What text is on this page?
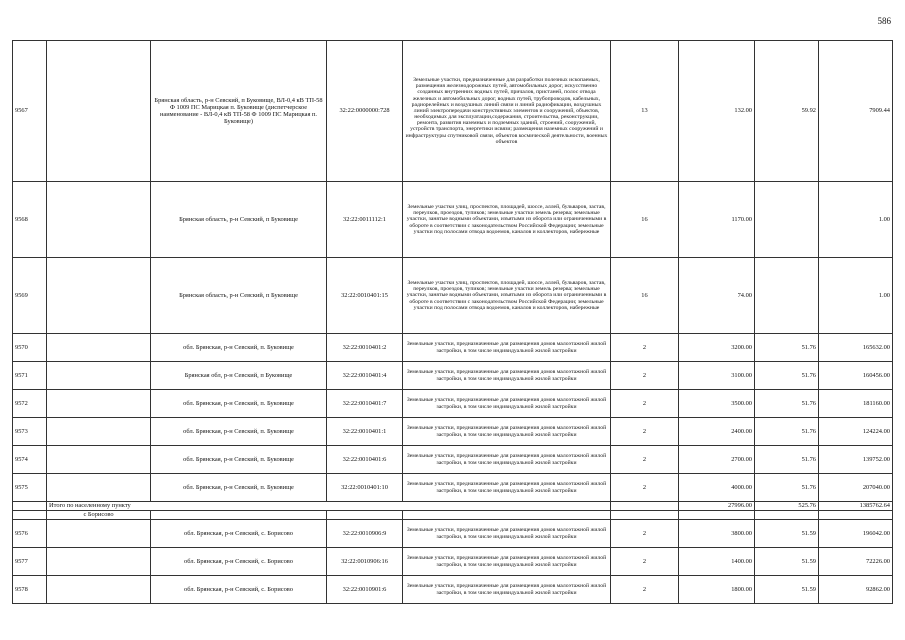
586
9567		Брянская область, р-н Севский, п Буковище, ВЛ-0,4 кВ ТП-58 Ф 1009 ПС Марицкая п. Буковище (диспетчерское наименование - ВЛ-0,4 кВ ТП-58 Ф 1009 ПС Марицкая п. Буковище)	32:22:0000000:728	Земельные участки, предназначенные для разработки полезных ископаемых, размещения железнодорожных путей, автомобильных дорог, искусственно созданных внутренних водных путей, причалов, пристаней, полос отвода железных и автомобильных дорог, водных путей, трубопроводов, кабельных, радиорелейных и воздушных линий связи и линий радиофикации, воздушных линий электропередачи конструктивных элементов и сооружений, объектов, необходимых для эксплуатации,содержания, строительства, реконструкции, ремонта, развития наземных и подземных зданий, строений, сооружений, устройств транспорта, энергетики исвязи; размещения наземных сооружений и инфраструктуры спутниковой связи, объектов космической деятельности, военных объектов	13	132.00	59.92	7909.44
9568		Брянская область, р-н Севский, п Буковище	32:22:0011112:1	Земельные участки улиц, проспектов, площадей, шоссе, аллей, бульваров, застав, переулков, проездов, тупиков; земельные участки земель резерва; земельные участки, занятые водными объектами, изъятыми из оборота или ограниченными в обороте в соответствии с законодательством Российской Федерации; земельные участки под полосами отвода водоемов, каналов и коллекторов, набережные	16	1170.00		1.00
9569		Брянская область, р-н Севский, п Буковище	32:22:0010401:15	Земельные участки улиц, проспектов, площадей, шоссе, аллей, бульваров, застав, переулков, проездов, тупиков; земельные участки земель резерва; земельные участки, занятые водными объектами, изъятыми из оборота или ограниченными в обороте в соответствии с законодательством Российской Федерации; земельные участки под полосами отвода водоемов, каналов и коллекторов, набережные	16	74.00		1.00
9570		обл. Брянская, р-н Севский, п. Буковище	32:22:0010401:2	Земельные участки, предназначенные для размещения домов малоэтажной жилой застройки, в том числе индивидуальной жилой застройки	2	3200.00	51.76	165632.00
9571		Брянская обл, р-н Севский, п Буковище	32:22:0010401:4	Земельные участки, предназначенные для размещения домов малоэтажной жилой застройки, в том числе индивидуальной жилой застройки	2	3100.00	51.76	160456.00
9572		обл. Брянская, р-н Севский, п. Буковище	32:22:0010401:7	Земельные участки, предназначенные для размещения домов малоэтажной жилой застройки, в том числе индивидуальной жилой застройки	2	3500.00	51.76	181160.00
9573		обл. Брянская, р-н Севский, п. Буковище	32:22:0010401:1	Земельные участки, предназначенные для размещения домов малоэтажной жилой застройки, в том числе индивидуальной жилой застройки	2	2400.00	51.76	124224.00
9574		обл. Брянская, р-н Севский, п. Буковище	32:22:0010401:6	Земельные участки, предназначенные для размещения домов малоэтажной жилой застройки, в том числе индивидуальной жилой застройки	2	2700.00	51.76	139752.00
9575		обл. Брянская, р-н Севский, п. Буковище	32:22:0010401:10	Земельные участки, предназначенные для размещения домов малоэтажной жилой застройки, в том числе индивидуальной жилой застройки	2	4000.00	51.76	207040.00
	Итого по населенному пункту					27996.00	525.76	1385762.64
	с Борисово							
9576		обл. Брянская, р-н Севский, с. Борисово	32:22:0010906:9	Земельные участки, предназначенные для размещения домов малоэтажной жилой застройки, в том числе индивидуальной жилой застройки	2	3800.00	51.59	196042.00
9577		обл. Брянская, р-н Севский, с. Борисово	32:22:0010906:16	Земельные участки, предназначенные для размещения домов малоэтажной жилой застройки, в том числе индивидуальной жилой застройки	2	1400.00	51.59	72226.00
9578		обл. Брянская, р-н Севский, с. Борисово	32:22:0010901:6	Земельные участки, предназначенные для размещения домов малоэтажной жилой застройки, в том числе индивидуальной жилой застройки	2	1800.00	51.59	92862.00
